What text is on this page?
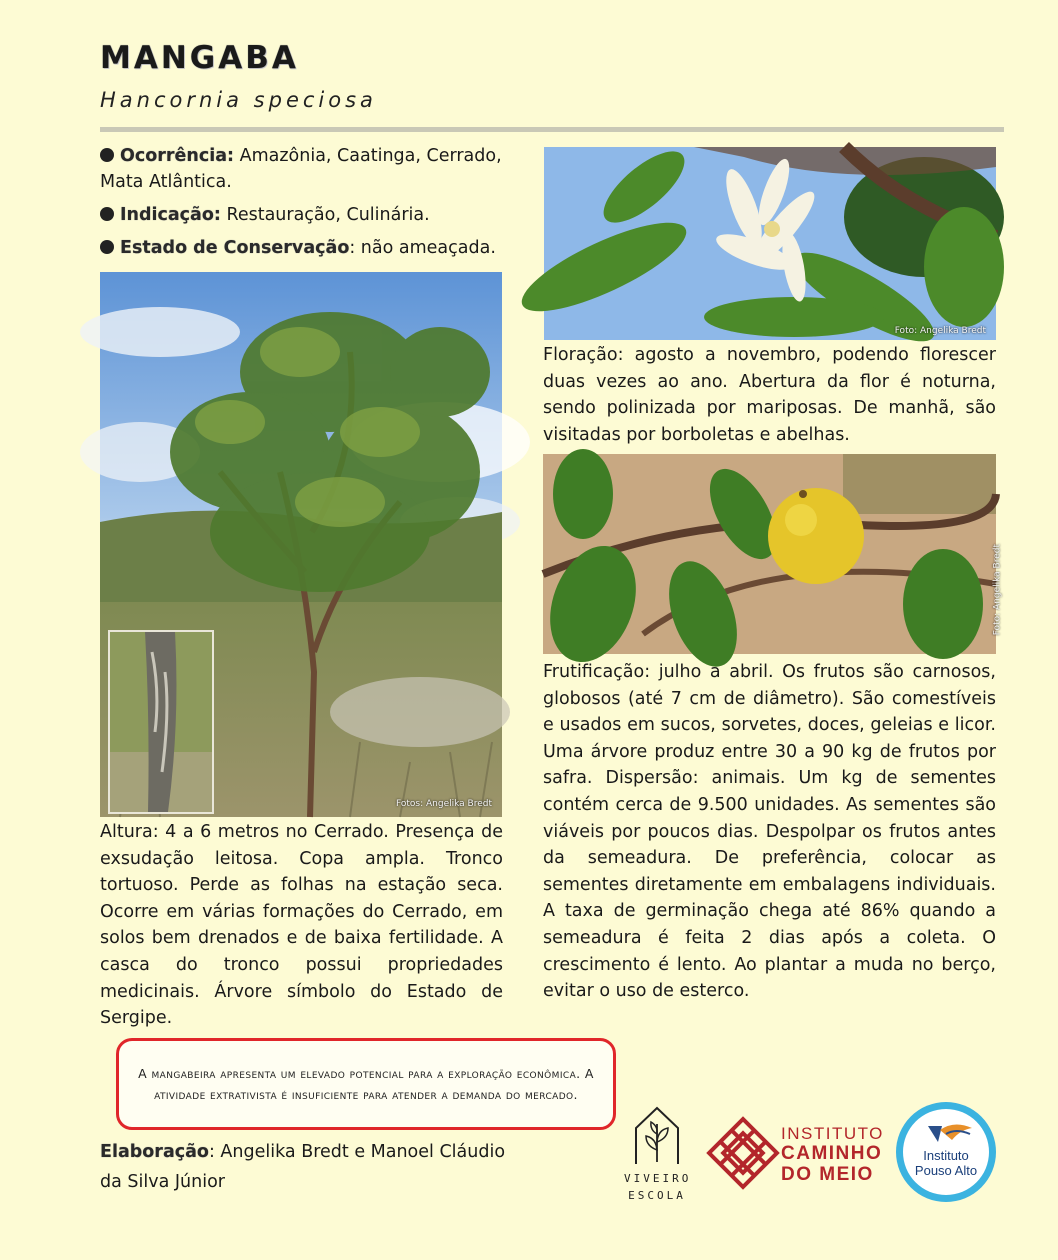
MANGABA
Hancornia speciosa

Ocorrência: Amazônia, Caatinga, Cerrado, Mata Atlântica.

Indicação: Restauração, Culinária.

Estado de Conservação: não ameaçada.

Fotos: Angelika Bredt
Altura: 4 a 6 metros no Cerrado. Presença de exsudação leitosa. Copa ampla. Tronco tortuoso. Perde as folhas na estação seca. Ocorre em várias formações do Cerrado, em solos bem drenados e de baixa fertilidade. A casca do tronco possui propriedades medicinais. Árvore símbolo do Estado de Sergipe.
Foto: Angelika Bredt
Floração: agosto a novembro, podendo florescer duas vezes ao ano. Abertura da flor é noturna, sendo polinizada por mariposas. De manhã, são visitadas por borboletas e abelhas.
Foto: Angelika Bredt
Frutificação: julho a abril. Os frutos são carnosos, globosos (até 7 cm de diâmetro). São comestíveis e usados em sucos, sorvetes, doces, geleias e licor. Uma árvore produz entre 30 a 90 kg de frutos por safra. Dispersão: animais. Um kg de sementes contém cerca de 9.500 unidades. As sementes são viáveis por poucos dias. Despolpar os frutos antes da semeadura. De preferência, colocar as sementes diretamente em embalagens individuais. A taxa de germinação chega até 86% quando a semeadura é feita 2 dias após a coleta. O crescimento é lento. Ao plantar a muda no berço, evitar o uso de esterco.
A mangabeira apresenta um elevado potencial para a exploração econômica. A atividade extrativista é insuficiente para atender a demanda do mercado.
Elaboração: Angelika Bredt e Manoel Cláudio da Silva Júnior	VIVEIRO
ESCOLA
INSTITUTO
CAMINHO
DO MEIO
Instituto
Pouso Alto
